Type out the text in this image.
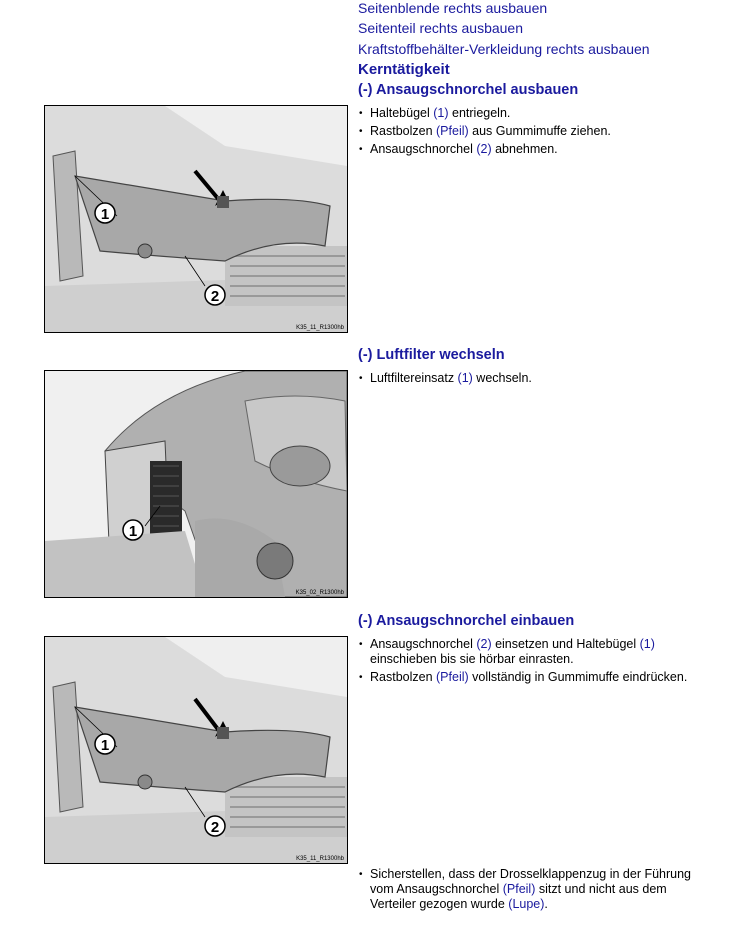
Seitenblende rechts ausbauen
Seitenteil rechts ausbauen
Kraftstoffbehälter-Verkleidung rechts ausbauen
Kerntätigkeit
(-) Ansaugschnorchel ausbauen
• Haltebügel (1) entriegeln.
• Rastbolzen (Pfeil) aus Gummimuffe ziehen.
• Ansaugschnorchel (2) abnehmen.
1
2
K35_11_R1300hb
(-) Luftfilter wechseln
• Luftfiltereinsatz (1) wechseln.
1
K35_02_R1300hb
(-) Ansaugschnorchel einbauen
• Ansaugschnorchel (2) einsetzen und Haltebügel (1) einschieben bis sie hörbar einrasten.
• Rastbolzen (Pfeil) vollständig in Gummimuffe eindrücken.
1
2
K35_11_R1300hb
• Sicherstellen, dass der Drosselklappenzug in der Führung vom Ansaugschnorchel (Pfeil) sitzt und nicht aus dem Verteiler gezogen wurde (Lupe).
